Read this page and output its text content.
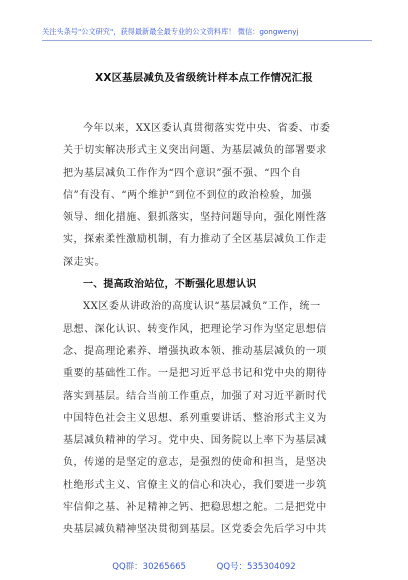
关注头条号"公文研究"，获得最新最全最专业的公文资料库！ 微信：gongwenyj
XX区基层减负及省级统计样本点工作情况汇报
今年以来，XX区委认真贯彻落实党中央、省委、市委
关于切实解决形式主义突出问题、为基层减负的部署要求
把为基层减负工作作为“四个意识”强不强、“四个自
信”有没有、“两个维护”到位不到位的政治检验，加强
领导、细化措施、狠抓落实，坚持问题导向，强化刚性落
实，探索柔性激励机制，有力推动了全区基层减负工作走
深走实。
一、提高政治站位，不断强化思想认识
XX区委从讲政治的高度认识“基层减负”工作，统一
思想、深化认识、转变作风，把理论学习作为坚定思想信
念、提高理论素养、增强执政本领、推动基层减负的一项
重要的基础性工作。一是把习近平总书记和党中央的期待
落实到基层。结合当前工作重点，加强了对习近平新时代
中国特色社会主义思想、系列重要讲话、整治形式主义为
基层减负精神的学习。党中央、国务院以上率下为基层减
负，传递的是坚定的意志，是强烈的使命和担当，是坚决
杜绝形式主义、官僚主义的信心和决心，我们要进一步筑
牢信仰之基、补足精神之钙、把稳思想之舵。二是把党中
央基层减负精神坚决贯彻到基层。区党委会先后学习中共
QQ群：30265665	QQ号：535304092
